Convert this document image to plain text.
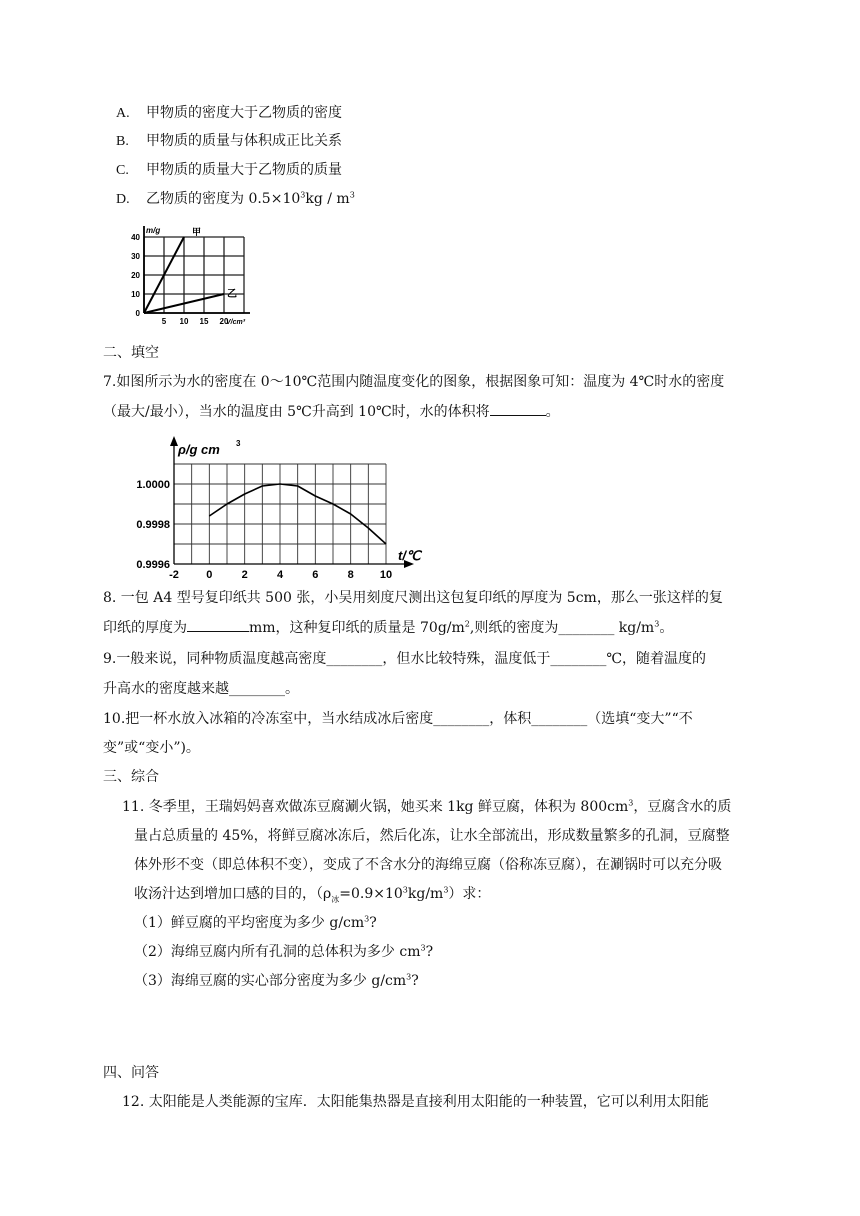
A. 甲物质的密度大于乙物质的密度
B. 甲物质的质量与体积成正比关系
C. 甲物质的质量大于乙物质的质量
D. 乙物质的密度为 $0.5\times 10^3kg / m^3$
0
10
20
30
40
5 10 15 20
m/g
V/cm³
甲
乙
二、填空
7.如图所示为水的密度在 0～10℃范围内随温度变化的图象，根据图象可知：温度为 4℃时水的密度
（最大/最小），当水的温度由 5℃升高到 10℃时，水的体积将	。
0.9996
0.9998
1.0000
-2 0	2	4	6	8 10
ρ/g cm 3
t/℃
8. 一包 A4 型号复印纸共 500 张，小吴用刻度尺测出这包复印纸的厚度为 5cm，那么一张这样的复
印纸的厚度为	mm，这种复印纸的质量是 $70g/m^2$,则纸的密度为________ $kg/m^3$。
9.一般来说，同种物质温度越高密度________，但水比较特殊，温度低于________℃，随着温度的
升高水的密度越来越________。
10.把一杯水放入冰箱的冷冻室中，当水结成冰后密度________，体积________（选填“变大”“不
变”或“变小”)。
三、综合
11. 冬季里，王瑞妈妈喜欢做冻豆腐涮火锅，她买来 1kg 鲜豆腐，体积为 $800cm^3$，豆腐含水的质
量占总质量的 45%，将鲜豆腐冰冻后，然后化冻，让水全部流出，形成数量繁多的孔洞，豆腐整
体外形不变（即总体积不变），变成了不含水分的海绵豆腐（俗称冻豆腐），在涮锅时可以充分吸
收汤汁达到增加口感的目的，$(\rho_冰=0.9\times 10^3kg/m^3)$求：
（1）鲜豆腐的平均密度为多少 $g/cm^3$?
（2）海绵豆腐内所有孔洞的总体积为多少 $cm^3$?
（3）海绵豆腐的实心部分密度为多少 $g/cm^3$?
四、问答
12. 太阳能是人类能源的宝库．太阳能集热器是直接利用太阳能的一种装置，它可以利用太阳能
